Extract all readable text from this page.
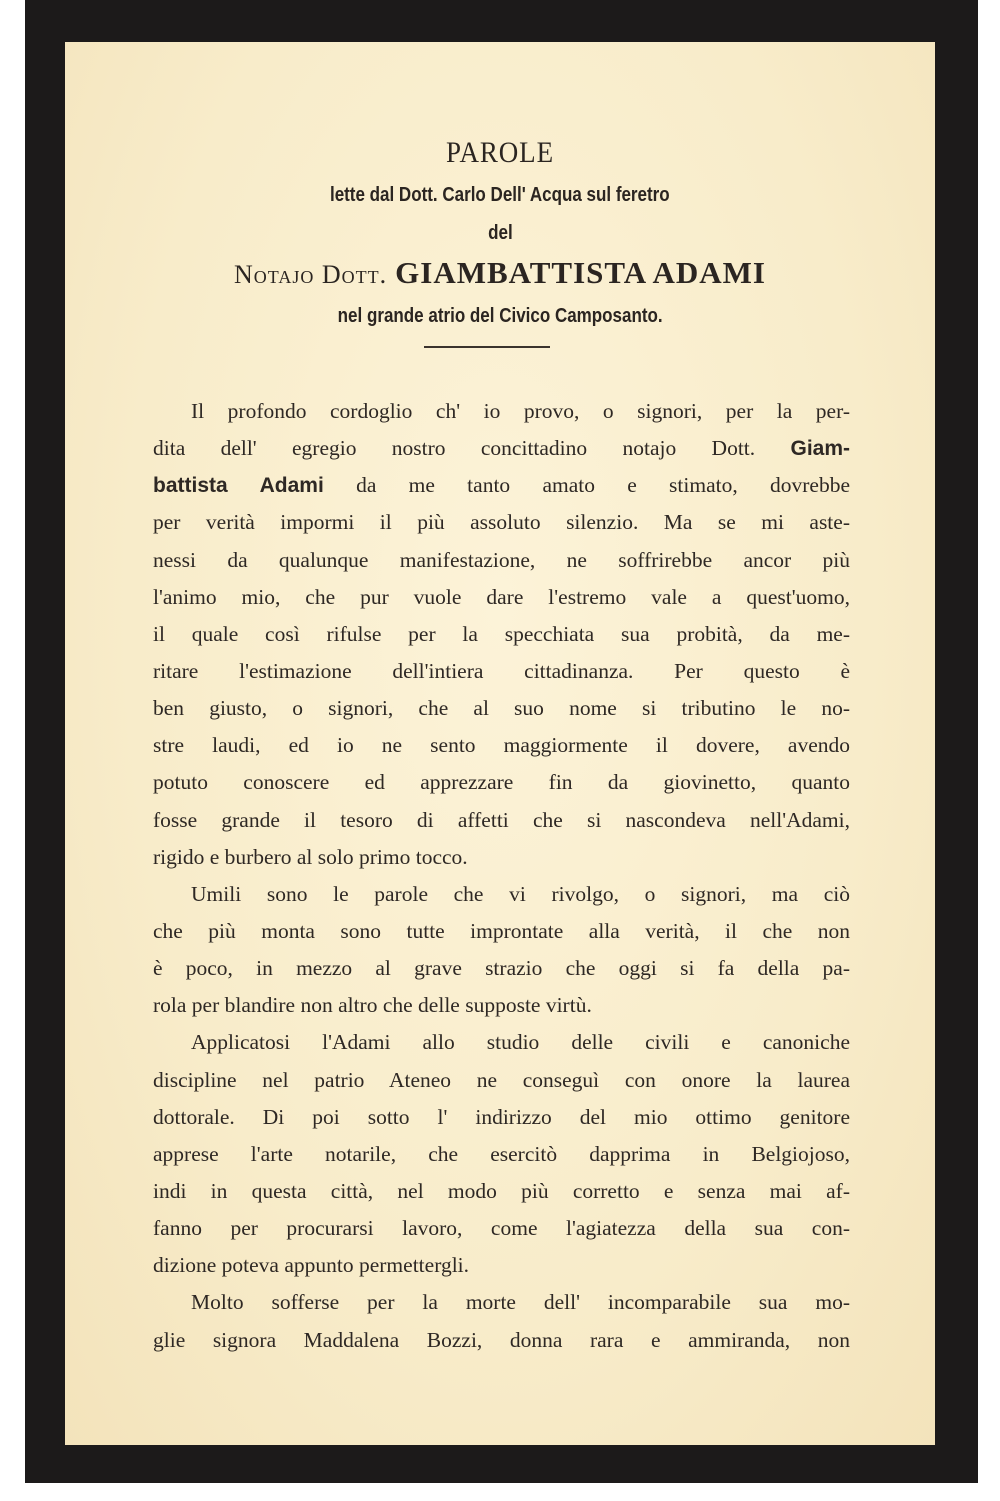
PAROLE
lette dal Dott. Carlo Dell' Acqua sul feretro
del
Notajo Dott. GIAMBATTISTA ADAMI
nel grande atrio del Civico Camposanto.
Il profondo cordoglio ch' io provo, o signori, per la per-
dita dell' egregio nostro concittadino notajo Dott. Giam-
battista Adami da me tanto amato e stimato, dovrebbe
per verità impormi il più assoluto silenzio. Ma se mi aste-
nessi da qualunque manifestazione, ne soffrirebbe ancor più
l'animo mio, che pur vuole dare l'estremo vale a quest'uomo,
il quale così rifulse per la specchiata sua probità, da me-
ritare l'estimazione dell'intiera cittadinanza. Per questo è
ben giusto, o signori, che al suo nome si tributino le no-
stre laudi, ed io ne sento maggiormente il dovere, avendo
potuto conoscere ed apprezzare fin da giovinetto, quanto
fosse grande il tesoro di affetti che si nascondeva nell'Adami,
rigido e burbero al solo primo tocco.
Umili sono le parole che vi rivolgo, o signori, ma ciò
che più monta sono tutte improntate alla verità, il che non
è poco, in mezzo al grave strazio che oggi si fa della pa-
rola per blandire non altro che delle supposte virtù.
Applicatosi l'Adami allo studio delle civili e canoniche
discipline nel patrio Ateneo ne conseguì con onore la laurea
dottorale. Di poi sotto l' indirizzo del mio ottimo genitore
apprese l'arte notarile, che esercitò dapprima in Belgiojoso,
indi in questa città, nel modo più corretto e senza mai af-
fanno per procurarsi lavoro, come l'agiatezza della sua con-
dizione poteva appunto permettergli.
Molto sofferse per la morte dell' incomparabile sua mo-
glie signora Maddalena Bozzi, donna rara e ammiranda, non
